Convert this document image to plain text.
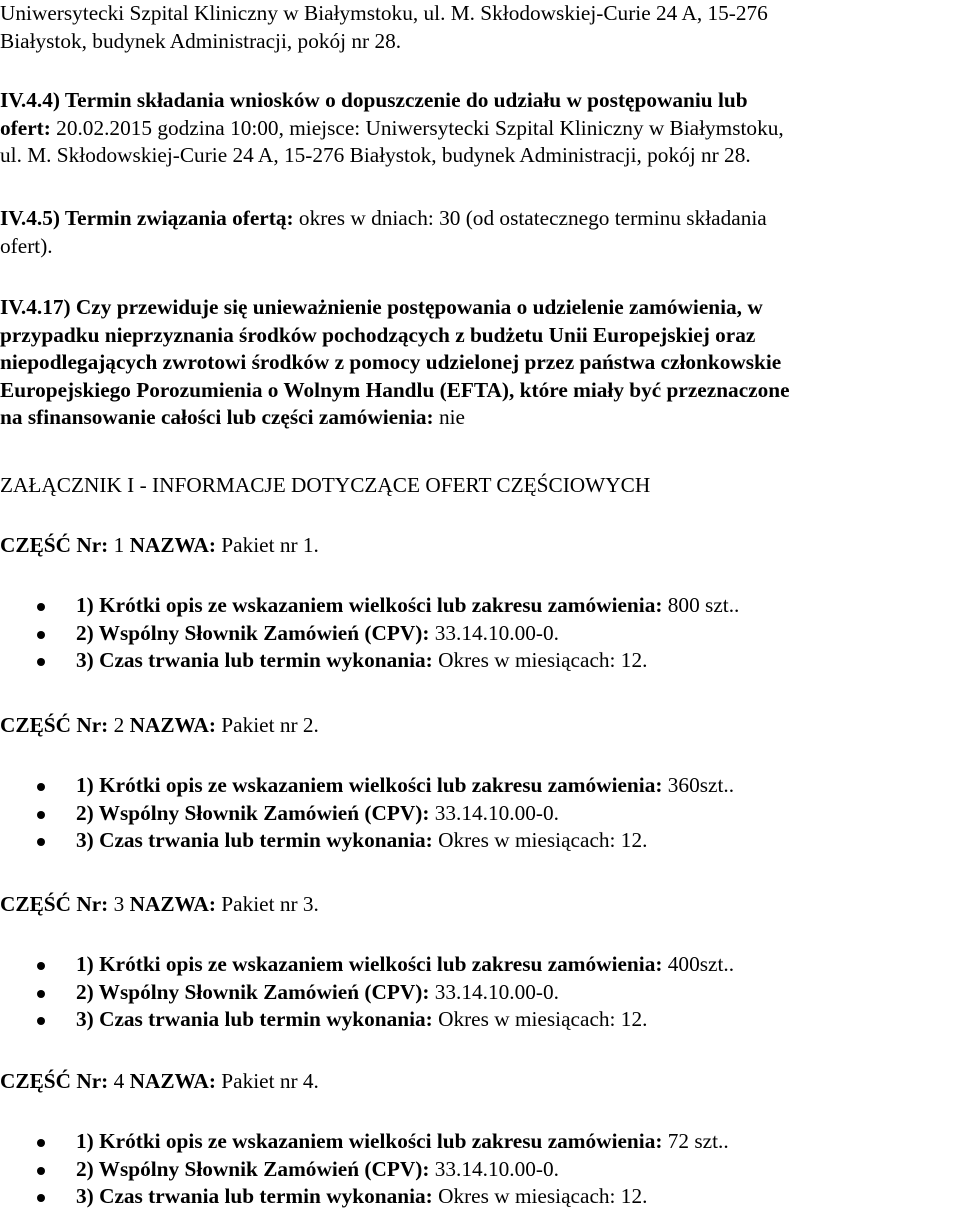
Uniwersytecki Szpital Kliniczny w Białymstoku, ul. M. Skłodowskiej-Curie 24 A, 15-276
Białystok, budynek Administracji, pokój nr 28.
IV.4.4) Termin składania wniosków o dopuszczenie do udziału w postępowaniu lub
ofert: 20.02.2015 godzina 10:00, miejsce: Uniwersytecki Szpital Kliniczny w Białymstoku,
ul. M. Skłodowskiej-Curie 24 A, 15-276 Białystok, budynek Administracji, pokój nr 28.
IV.4.5) Termin związania ofertą: okres w dniach: 30 (od ostatecznego terminu składania
ofert).
IV.4.17) Czy przewiduje się unieważnienie postępowania o udzielenie zamówienia, w
przypadku nieprzyznania środków pochodzących z budżetu Unii Europejskiej oraz
niepodlegających zwrotowi środków z pomocy udzielonej przez państwa członkowskie
Europejskiego Porozumienia o Wolnym Handlu (EFTA), które miały być przeznaczone
na sfinansowanie całości lub części zamówienia: nie
ZAŁĄCZNIK I - INFORMACJE DOTYCZĄCE OFERT CZĘŚCIOWYCH
CZĘŚĆ Nr: 1 NAZWA: Pakiet nr 1.
1) Krótki opis ze wskazaniem wielkości lub zakresu zamówienia: 800 szt..
2) Wspólny Słownik Zamówień (CPV): 33.14.10.00-0.
3) Czas trwania lub termin wykonania: Okres w miesiącach: 12.
CZĘŚĆ Nr: 2 NAZWA: Pakiet nr 2.
1) Krótki opis ze wskazaniem wielkości lub zakresu zamówienia: 360szt..
2) Wspólny Słownik Zamówień (CPV): 33.14.10.00-0.
3) Czas trwania lub termin wykonania: Okres w miesiącach: 12.
CZĘŚĆ Nr: 3 NAZWA: Pakiet nr 3.
1) Krótki opis ze wskazaniem wielkości lub zakresu zamówienia: 400szt..
2) Wspólny Słownik Zamówień (CPV): 33.14.10.00-0.
3) Czas trwania lub termin wykonania: Okres w miesiącach: 12.
CZĘŚĆ Nr: 4 NAZWA: Pakiet nr 4.
1) Krótki opis ze wskazaniem wielkości lub zakresu zamówienia: 72 szt..
2) Wspólny Słownik Zamówień (CPV): 33.14.10.00-0.
3) Czas trwania lub termin wykonania: Okres w miesiącach: 12.
